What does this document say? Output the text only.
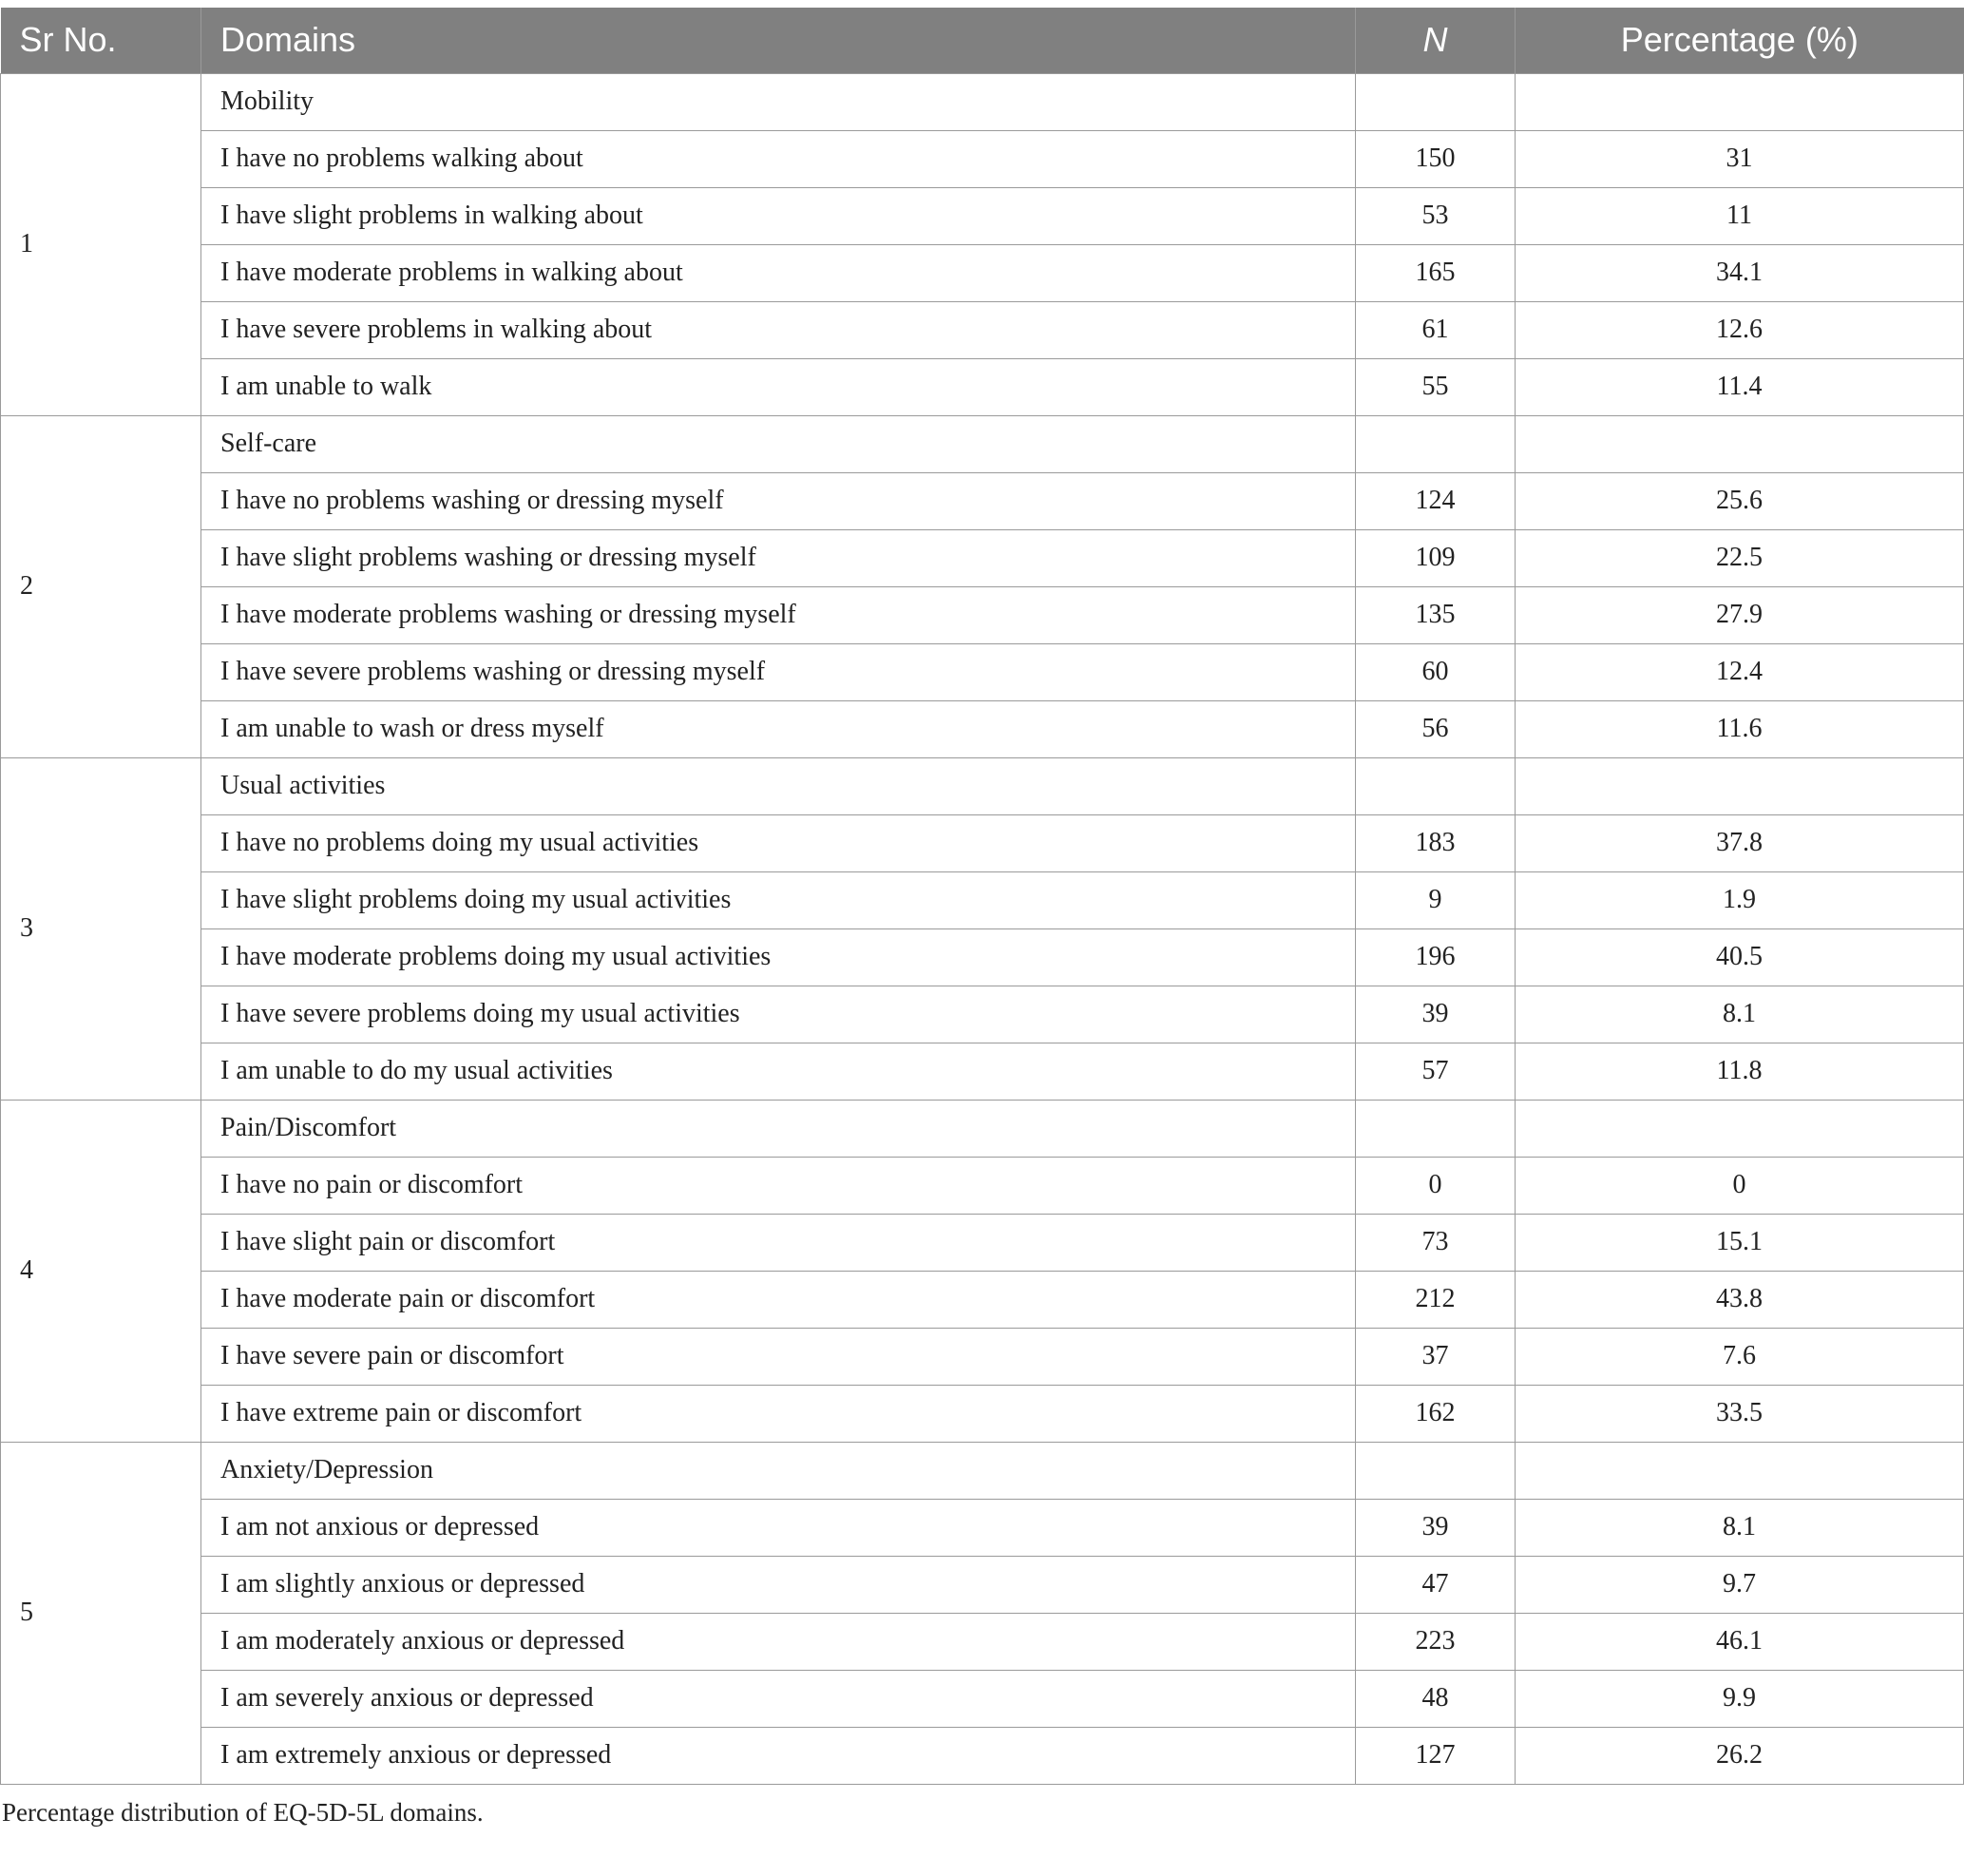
Sr No.	Domains	N	Percentage (%)
1	Mobility		
	I have no problems walking about	150	31
	I have slight problems in walking about	53	11
	I have moderate problems in walking about	165	34.1
	I have severe problems in walking about	61	12.6
	I am unable to walk	55	11.4
2	Self-care		
	I have no problems washing or dressing myself	124	25.6
	I have slight problems washing or dressing myself	109	22.5
	I have moderate problems washing or dressing myself	135	27.9
	I have severe problems washing or dressing myself	60	12.4
	I am unable to wash or dress myself	56	11.6
3	Usual activities		
	I have no problems doing my usual activities	183	37.8
	I have slight problems doing my usual activities	9	1.9
	I have moderate problems doing my usual activities	196	40.5
	I have severe problems doing my usual activities	39	8.1
	I am unable to do my usual activities	57	11.8
4	Pain/Discomfort		
	I have no pain or discomfort	0	0
	I have slight pain or discomfort	73	15.1
	I have moderate pain or discomfort	212	43.8
	I have severe pain or discomfort	37	7.6
	I have extreme pain or discomfort	162	33.5
5	Anxiety/Depression		
	I am not anxious or depressed	39	8.1
	I am slightly anxious or depressed	47	9.7
	I am moderately anxious or depressed	223	46.1
	I am severely anxious or depressed	48	9.9
	I am extremely anxious or depressed	127	26.2
Percentage distribution of EQ-5D-5L domains.
